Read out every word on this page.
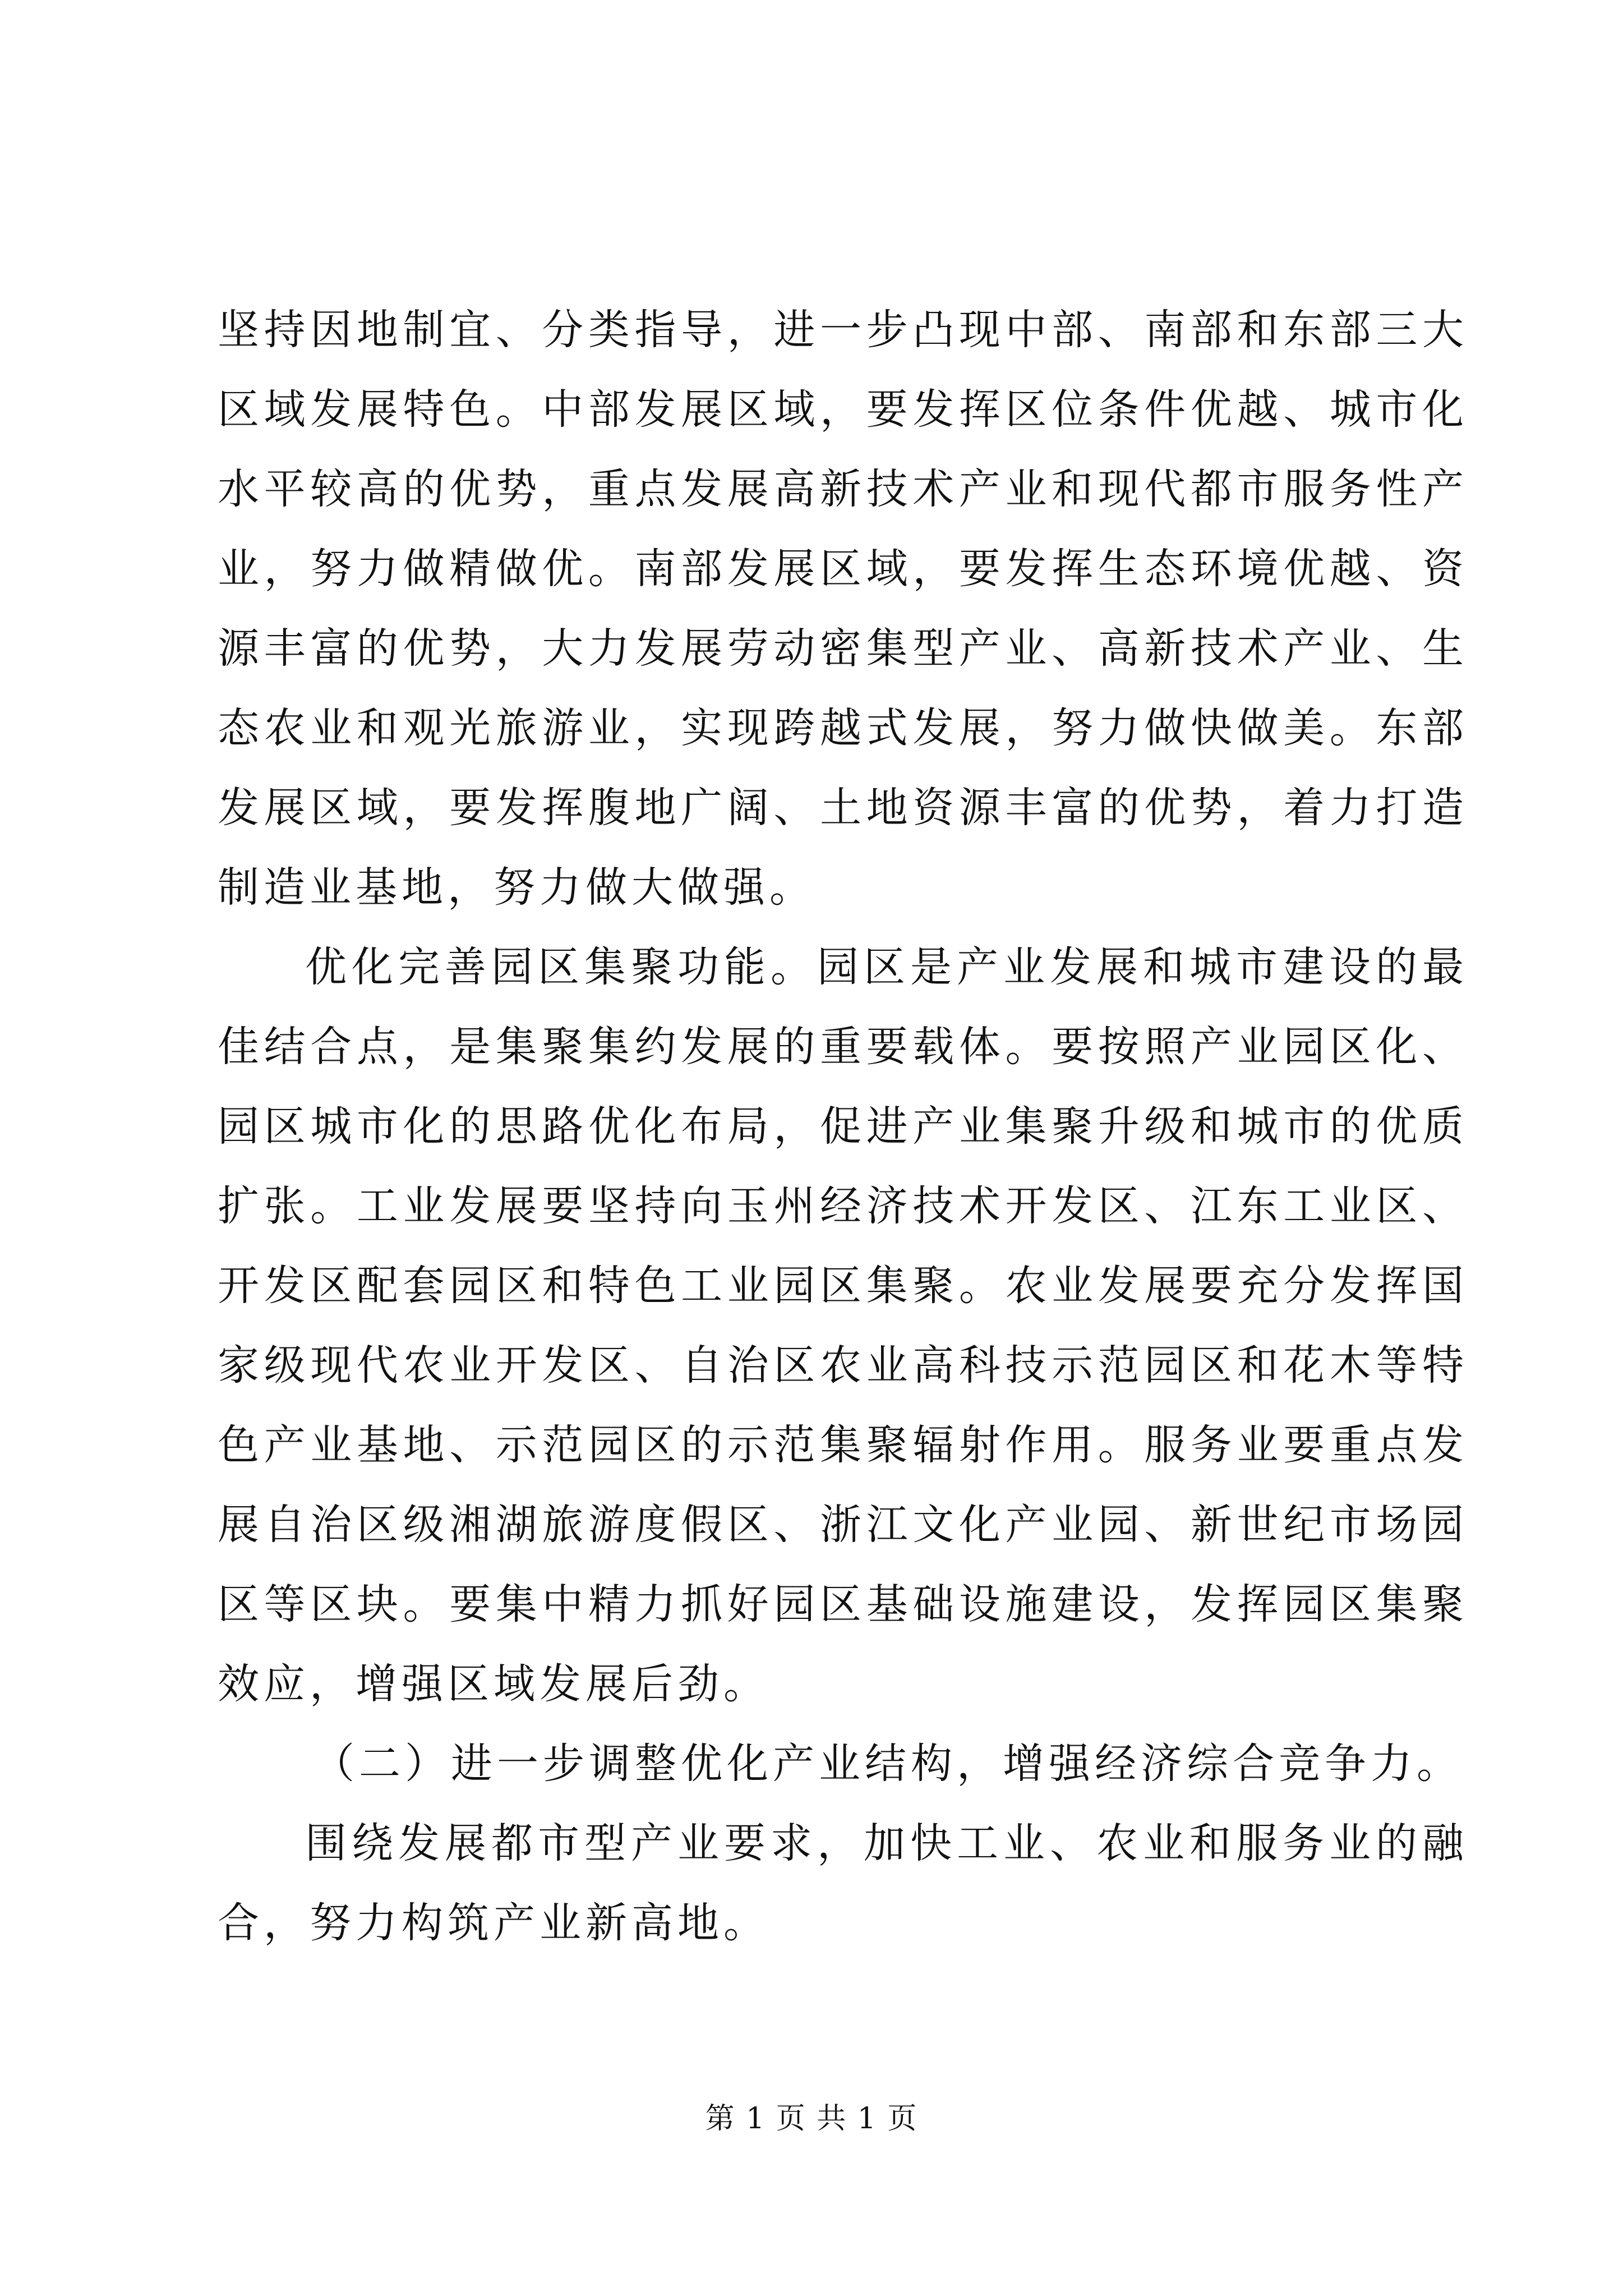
坚持因地制宜、分类指导，进一步凸现中部、南部和东部三大区域发展特色。中部发展区域，要发挥区位条件优越、城市化水平较高的优势，重点发展高新技术产业和现代都市服务性产业，努力做精做优。南部发展区域，要发挥生态环境优越、资源丰富的优势，大力发展劳动密集型产业、高新技术产业、生态农业和观光旅游业，实现跨越式发展，努力做快做美。东部发展区域，要发挥腹地广阔、土地资源丰富的优势，着力打造制造业基地，努力做大做强。

优化完善园区集聚功能。园区是产业发展和城市建设的最佳结合点，是集聚集约发展的重要载体。要按照产业园区化、园区城市化的思路优化布局，促进产业集聚升级和城市的优质扩张。工业发展要坚持向玉州经济技术开发区、江东工业区、开发区配套园区和特色工业园区集聚。农业发展要充分发挥国家级现代农业开发区、自治区农业高科技示范园区和花木等特色产业基地、示范园区的示范集聚辐射作用。服务业要重点发展自治区级湘湖旅游度假区、浙江文化产业园、新世纪市场园区等区块。要集中精力抓好园区基础设施建设，发挥园区集聚效应，增强区域发展后劲。

（二）进一步调整优化产业结构，增强经济综合竞争力。

围绕发展都市型产业要求，加快工业、农业和服务业的融合，努力构筑产业新高地。

第 1 页 共 1 页
